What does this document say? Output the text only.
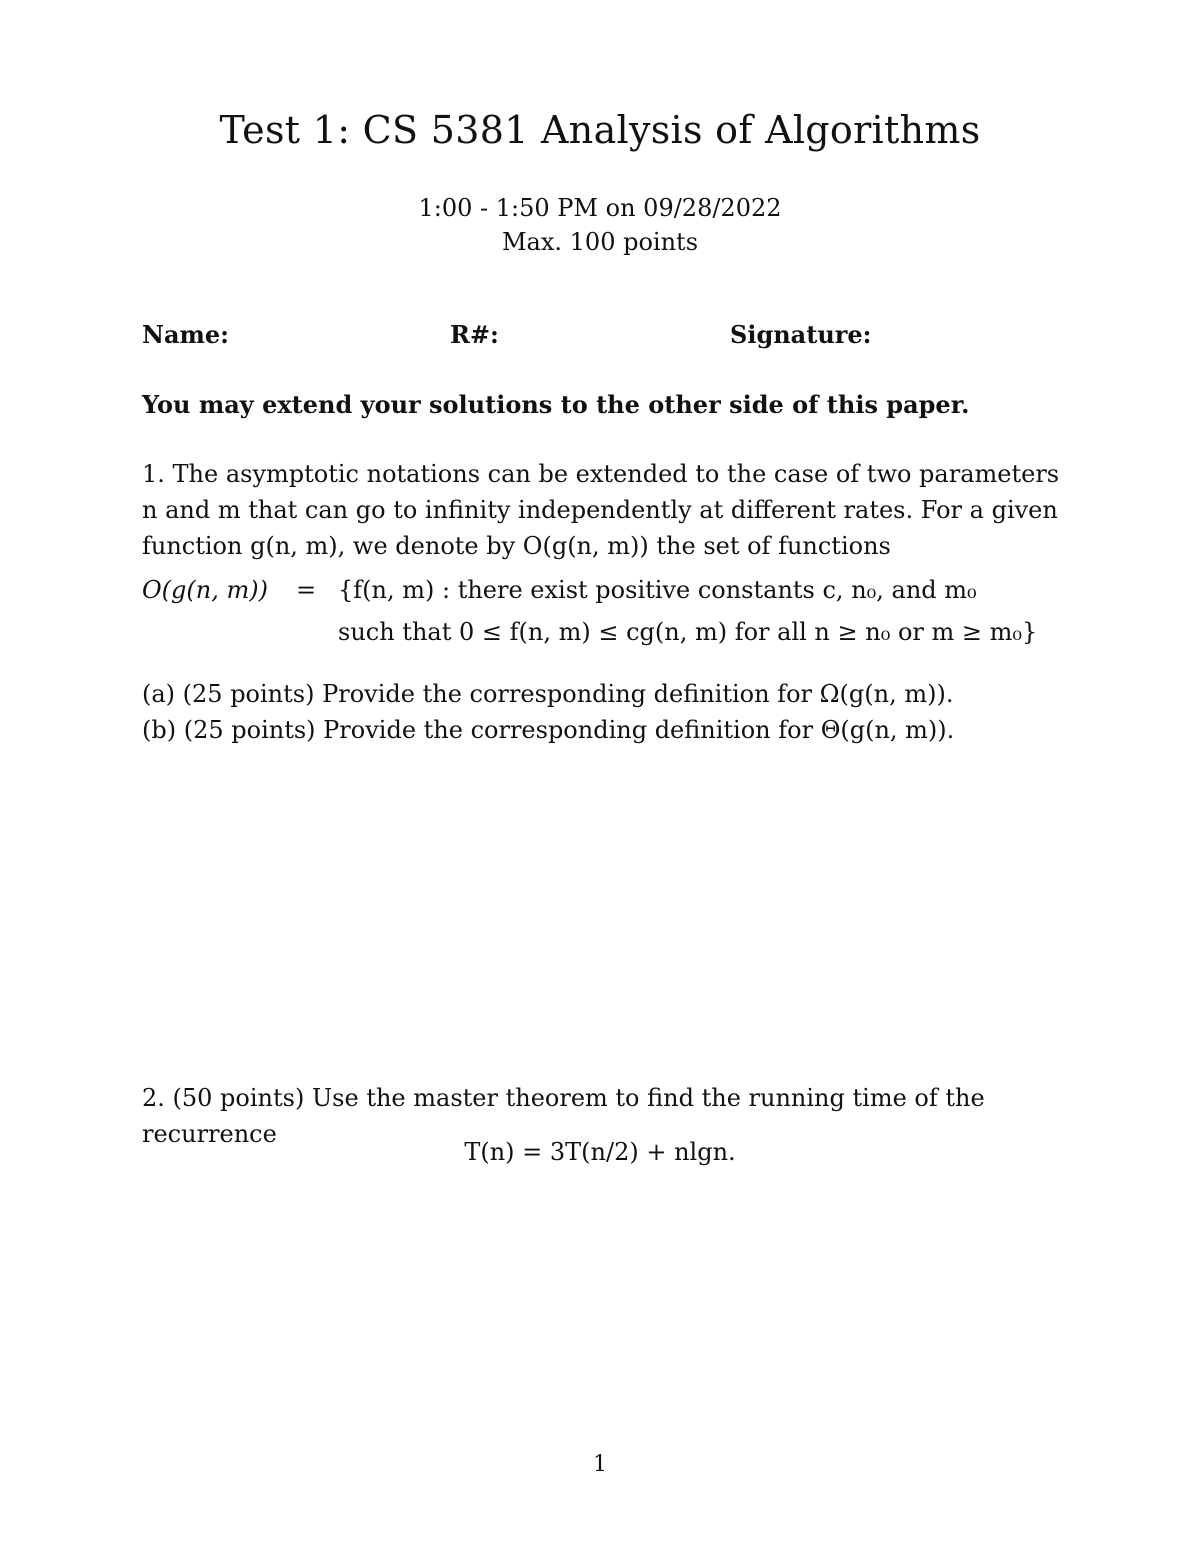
Test 1: CS 5381 Analysis of Algorithms
1:00 - 1:50 PM on 09/28/2022
Max. 100 points
Name:	R#:	Signature:
You may extend your solutions to the other side of this paper.
1. The asymptotic notations can be extended to the case of two parameters
n and m that can go to infinity independently at different rates. For a given
function g(n, m), we denote by O(g(n, m)) the set of functions
O(g(n, m)) = {f(n, m) : there exist positive constants c, n₀, and m₀
such that 0 ≤ f(n, m) ≤ cg(n, m) for all n ≥ n₀ or m ≥ m₀}
(a) (25 points) Provide the corresponding definition for Ω(g(n, m)).
(b) (25 points) Provide the corresponding definition for Θ(g(n, m)).
2. (50 points) Use the master theorem to find the running time of the recurrence
T(n) = 3T(n/2) + nlgn.
1
